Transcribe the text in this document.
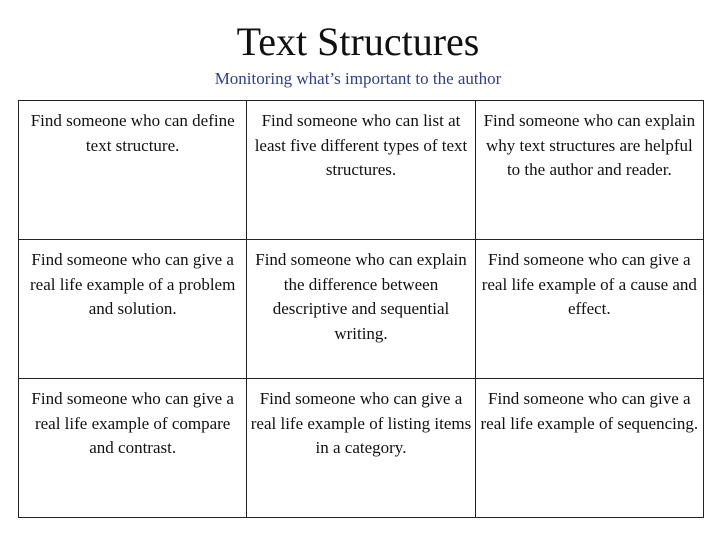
Text Structures
Monitoring what’s important to the author
Find someone who can define text structure.	Find someone who can list at least five different types of text structures.	Find someone who can explain why text structures are helpful to the author and reader.
Find someone who can give a real life example of a problem and solution.	Find someone who can explain the difference between descriptive and sequential writing.	Find someone who can give a real life example of a cause and effect.
Find someone who can give a real life example of compare and contrast.	Find someone who can give a real life example of listing items in a category.	Find someone who can give a real life example of sequencing.
